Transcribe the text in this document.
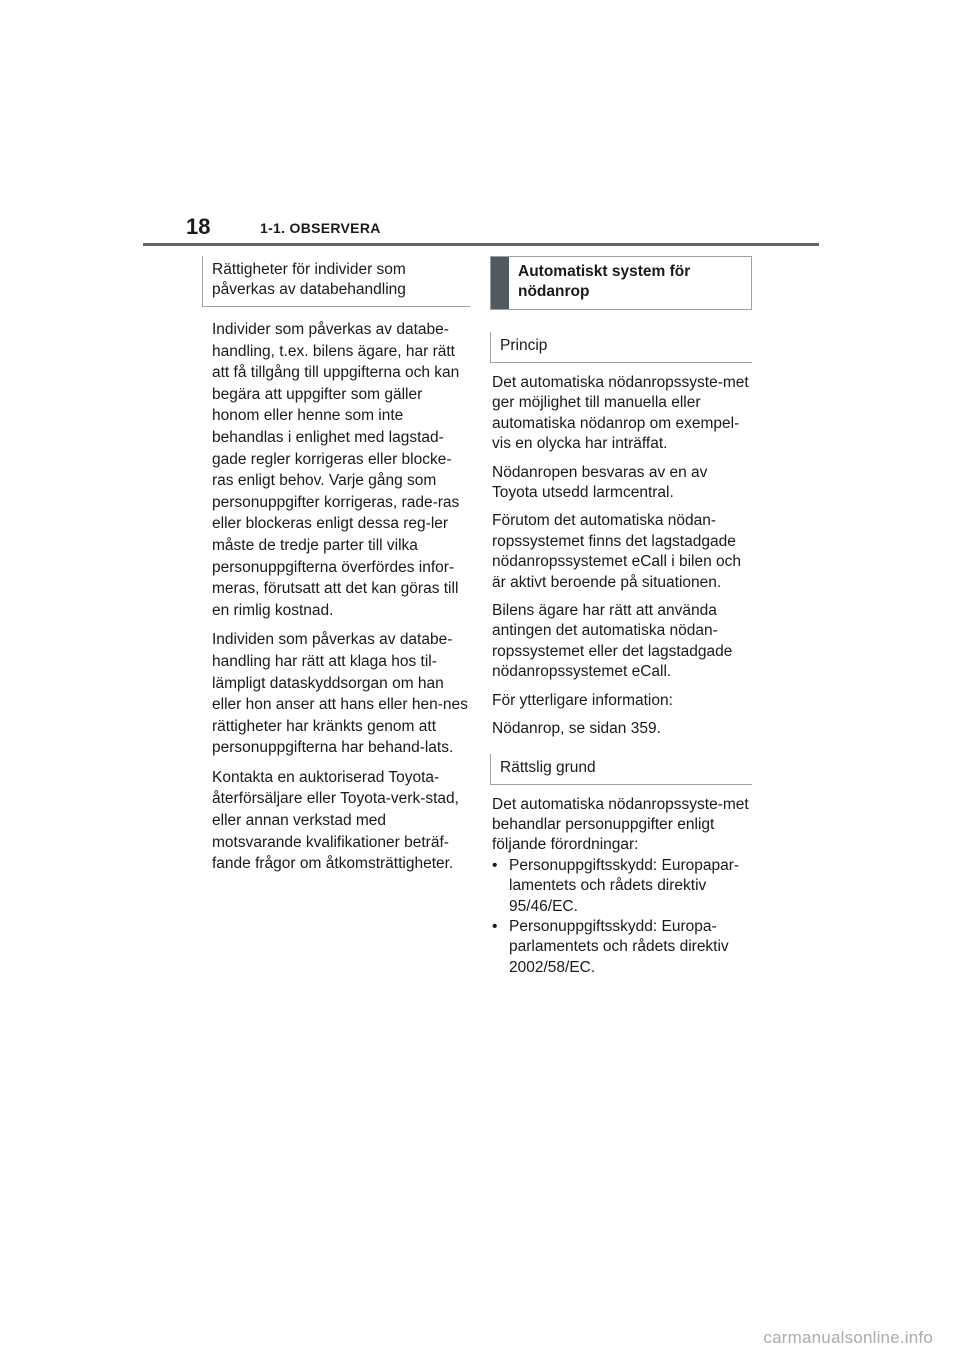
18	1-1. OBSERVERA
Rättigheter för individer som påverkas av databehandling

Individer som påverkas av databe-handling, t.ex. bilens ägare, har rätt att få tillgång till uppgifterna och kan begära att uppgifter som gäller honom eller henne som inte behandlas i enlighet med lagstad-gade regler korrigeras eller blocke-ras enligt behov. Varje gång som personuppgifter korrigeras, rade-ras eller blockeras enligt dessa reg-ler måste de tredje parter till vilka personuppgifterna överfördes infor-meras, förutsatt att det kan göras till en rimlig kostnad.

Individen som påverkas av databe-handling har rätt att klaga hos til-lämpligt dataskyddsorgan om han eller hon anser att hans eller hen-nes rättigheter har kränkts genom att personuppgifterna har behand-lats.

Kontakta en auktoriserad Toyota-återförsäljare eller Toyota-verk-stad, eller annan verkstad med motsvarande kvalifikationer beträf-fande frågor om åtkomsträttigheter.

Automatiskt system för nödanrop
Princip

Det automatiska nödanropssyste-met ger möjlighet till manuella eller automatiska nödanrop om exempel-vis en olycka har inträffat.

Nödanropen besvaras av en av Toyota utsedd larmcentral.

Förutom det automatiska nödan-ropssystemet finns det lagstadgade nödanropssystemet eCall i bilen och är aktivt beroende på situationen.

Bilens ägare har rätt att använda antingen det automatiska nödan-ropssystemet eller det lagstadgade nödanropssystemet eCall.

För ytterligare information:

Nödanrop, se sidan 359.

Rättslig grund

Det automatiska nödanropssyste-met behandlar personuppgifter enligt följande förordningar:

• Personuppgiftsskydd: Europapar-lamentets och rådets direktiv 95/46/EC.
• Personuppgiftsskydd: Europa-parlamentets och rådets direktiv 2002/58/EC.
carmanualsonline.info
